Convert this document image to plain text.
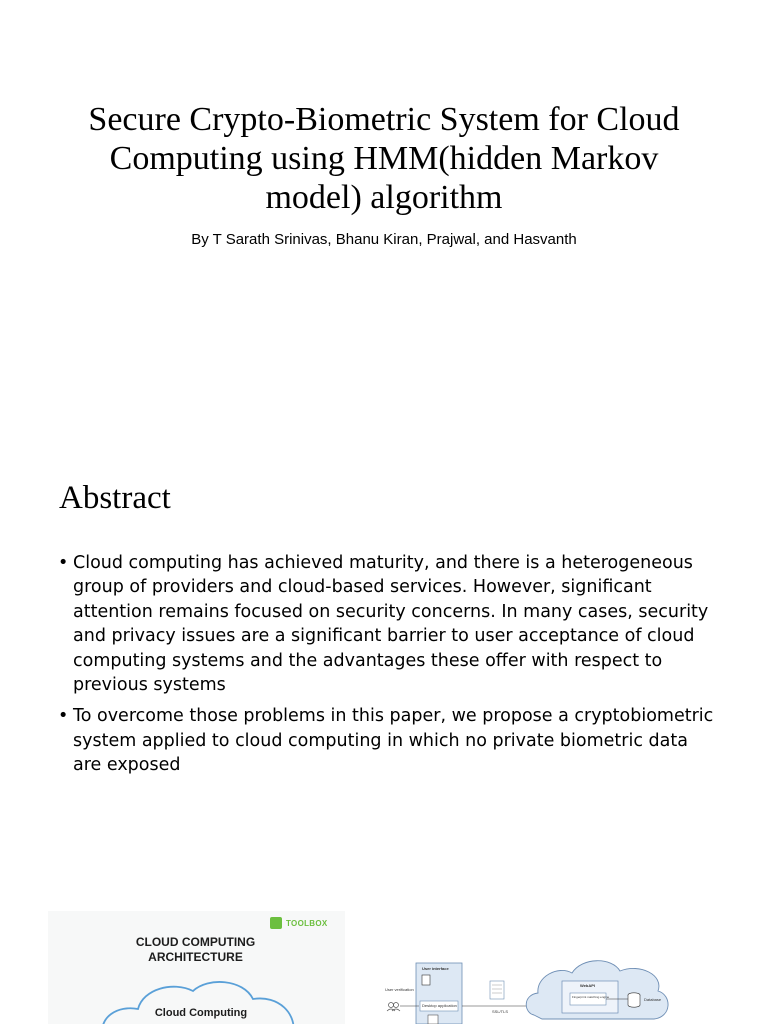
Secure Crypto-Biometric System for Cloud Computing using HMM(hidden Markov model) algorithm

By T Sarath Srinivas, Bhanu Kiran, Prajwal, and Hasvanth

Abstract
• Cloud computing has achieved maturity, and there is a heterogeneous group of providers and cloud-based services. However, significant attention remains focused on security concerns. In many cases, security and privacy issues are a significant barrier to user acceptance of cloud computing systems and the advantages these offer with respect to previous systems
• To overcome those problems in this paper, we propose a cryptobiometric system applied to cloud computing in which no private biometric data are exposed
TOOLBOX
CLOUD COMPUTING ARCHITECTURE
Cloud Computing
User verification
User interface
Desktop application
WebAPI
Fingerprint matching engine	Database
SSL/TLS
